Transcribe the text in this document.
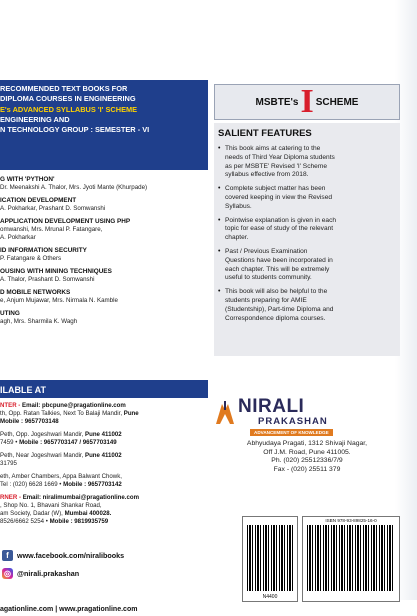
RECOMMENDED TEXT BOOKS FOR
DIPLOMA COURSES IN ENGINEERING
E's ADVANCED SYLLABUS 'I' SCHEME
ENGINEERING AND
N TECHNOLOGY GROUP : SEMESTER - VI
G WITH 'PYTHON'
Dr. Meenakshi A. Thalor, Mrs. Jyoti Mante (Khurpade)
ICATION DEVELOPMENT
A. Pokharkar, Prashant D. Somwanshi
APPLICATION DEVELOPMENT USING PHP
omwanshi, Mrs. Mrunal P. Fatangare,
A. Pokharkar
ID INFORMATION SECURITY
P. Fatangare & Others
OUSING WITH MINING TECHNIQUES
A. Thalor, Prashant D. Somwanshi
D MOBILE NETWORKS
e, Anjum Mujawar, Mrs. Nirmala N. Kamble
UTING
agh, Mrs. Sharmila K. Wagh
ILABLE AT
NTER - Email: pbcpune@pragationline.com
th, Opp. Ratan Talkies, Next To Balaji Mandir, Pune
Mobile : 9657703148
Peth, Opp. Jogeshwari Mandir, Pune 411002
7459 • Mobile : 9657703147 / 9657703149
Peth, Near Jogeshwari Mandir, Pune 411002
31795
eth, Amber Chambers, Appa Balwant Chowk,
Tel : (020) 6628 1669 • Mobile : 9657703142
RNER - Email: niralimumbai@pragationline.com
, Shop No. 1, Bhavani Shankar Road,
am Society, Dadar (W), Mumbai 400028.
8526/6662 5254 • Mobile : 9819935759
agationline.com | www.pragationline.com
f	www.facebook.com/niralibooks
◎ @nirali.prakashan
MSBTE's I SCHEME
SALIENT FEATURES
• This book aims at catering to the
needs of Third Year Diploma students
as per MSBTE' Revised 'I' Scheme
syllabus effective from 2018.
• Complete subject matter has been
covered keeping in view the Revised
Syllabus.
• Pointwise explanation is given in each
topic for ease of study of the relevant
chapter.
• Past / Previous Examination
Questions have been incorporated in
each chapter. This will be extremely
useful to students community.
• This book will also be helpful to the
students preparing for AMIE
(Studentship), Part-time Diploma and
Correspondence diploma courses.
NIRALI
PRAKASHAN
ADVANCEMENT OF KNOWLEDGE
Abhyudaya Pragati, 1312 Shivaji Nagar,
Off J.M. Road, Pune 411005.
Ph. (020) 25512336/7/9
Fax - (020) 25511 379
N4400
ISBN 978-93-89825-16-0
